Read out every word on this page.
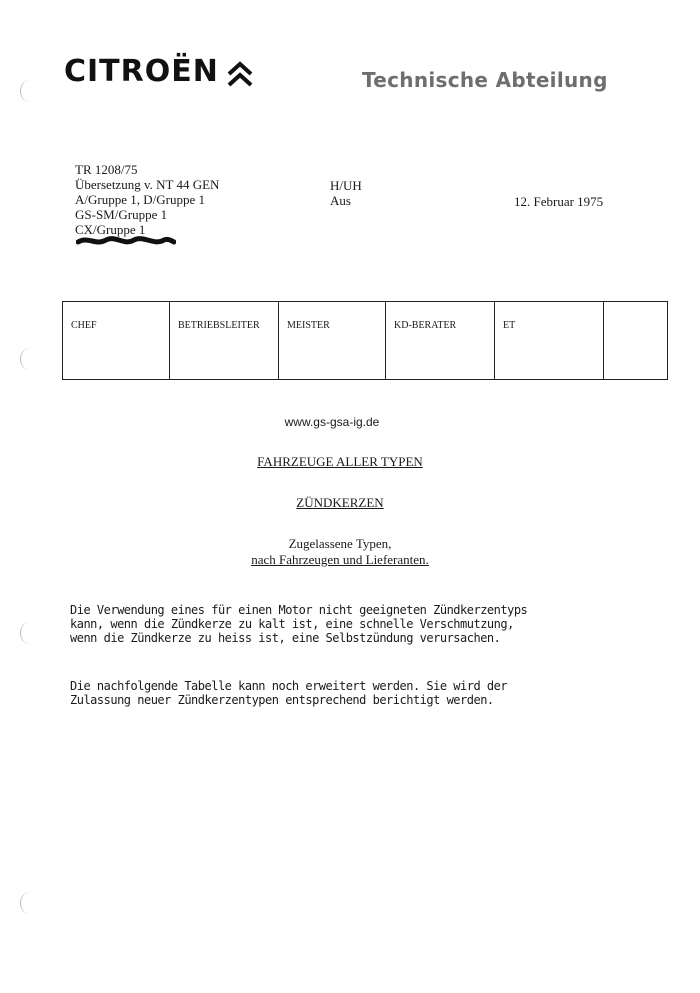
CITROËN	Technische Abteilung
TR 1208/75
Übersetzung v. NT 44 GEN
A/Gruppe 1, D/Gruppe 1
GS-SM/Gruppe 1
CX/Gruppe 1
H/UH
Aus	12. Februar 1975
CHEF	BETRIEBSLEITER	MEISTER	KD-BERATER	ET	
www.gs-gsa-ig.de
FAHRZEUGE ALLER TYPEN
ZÜNDKERZEN
Zugelassene Typen,
nach Fahrzeugen und Lieferanten.
Die Verwendung eines für einen Motor nicht geeigneten Zündkerzentyps
kann, wenn die Zündkerze zu kalt ist, eine schnelle Verschmutzung,
wenn die Zündkerze zu heiss ist, eine Selbstzündung verursachen.
Die nachfolgende Tabelle kann noch erweitert werden. Sie wird der
Zulassung neuer Zündkerzentypen entsprechend berichtigt werden.
